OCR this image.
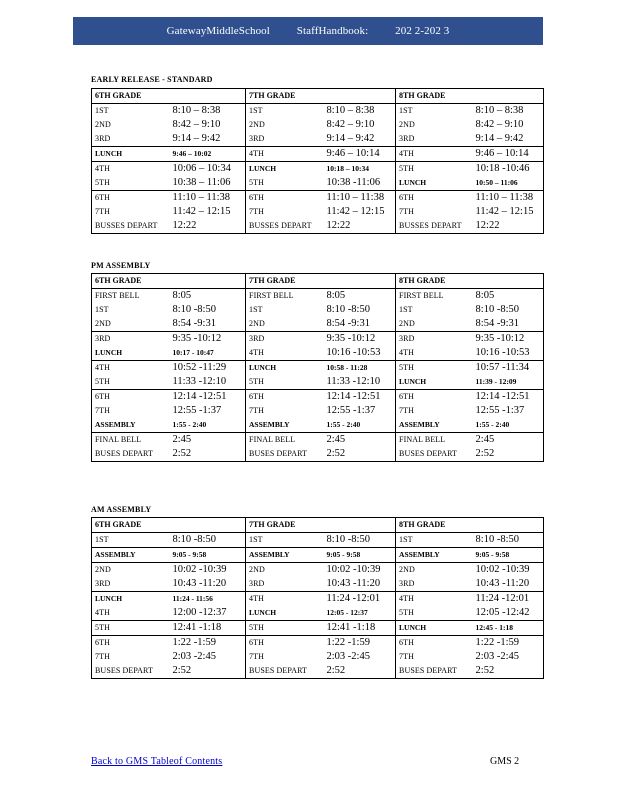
GatewayMiddleSchool StaffHandbook: 202 2-202 3
EARLY RELEASE - STANDARD
6TH GRADE		7TH GRADE		8TH GRADE	
1ST	8:10 – 8:38	1ST	8:10 – 8:38	1ST	8:10 – 8:38
2ND	8:42 – 9:10	2ND	8:42 – 9:10	2ND	8:42 – 9:10
3RD	9:14 – 9:42	3RD	9:14 – 9:42	3RD	9:14 – 9:42
LUNCH	9:46 – 10:02	4TH	9:46 – 10:14	4TH	9:46 – 10:14
4TH	10:06 – 10:34	LUNCH	10:18 – 10:34	5TH	10:18 -10:46
5TH	10:38 – 11:06	5TH	10:38 -11:06	LUNCH	10:50 – 11:06
6TH	11:10 – 11:38	6TH	11:10 – 11:38	6TH	11:10 – 11:38
7TH	11:42 – 12:15	7TH	11:42 – 12:15	7TH	11:42 – 12:15
BUSSES DEPART	12:22	BUSSES DEPART	12:22	BUSSES DEPART	12:22
PM ASSEMBLY
6TH GRADE		7TH GRADE		8TH GRADE	
FIRST BELL	8:05	FIRST BELL	8:05	FIRST BELL	8:05
1ST	8:10 -8:50	1ST	8:10 -8:50	1ST	8:10 -8:50
2ND	8:54 -9:31	2ND	8:54 -9:31	2ND	8:54 -9:31
3RD	9:35 -10:12	3RD	9:35 -10:12	3RD	9:35 -10:12
LUNCH	10:17 - 10:47	4TH	10:16 -10:53	4TH	10:16 -10:53
4TH	10:52 -11:29	LUNCH	10:58 - 11:28	5TH	10:57 -11:34
5TH	11:33 -12:10	5TH	11:33 -12:10	LUNCH	11:39 - 12:09
6TH	12:14 -12:51	6TH	12:14 -12:51	6TH	12:14 -12:51
7TH	12:55 -1:37	7TH	12:55 -1:37	7TH	12:55 -1:37
ASSEMBLY	1:55 - 2:40	ASSEMBLY	1:55 - 2:40	ASSEMBLY	1:55 - 2:40
FINAL BELL	2:45	FINAL BELL	2:45	FINAL BELL	2:45
BUSES DEPART	2:52	BUSES DEPART	2:52	BUSES DEPART	2:52
AM ASSEMBLY
6TH GRADE		7TH GRADE		8TH GRADE	
1ST	8:10 -8:50	1ST	8:10 -8:50	1ST	8:10 -8:50
ASSEMBLY	9:05 - 9:58	ASSEMBLY	9:05 - 9:58	ASSEMBLY	9:05 - 9:58
2ND	10:02 -10:39	2ND	10:02 -10:39	2ND	10:02 -10:39
3RD	10:43 -11:20	3RD	10:43 -11:20	3RD	10:43 -11:20
LUNCH	11:24 - 11:56	4TH	11:24 -12:01	4TH	11:24 -12:01
4TH	12:00 -12:37	LUNCH	12:05 - 12:37	5TH	12:05 -12:42
5TH	12:41 -1:18	5TH	12:41 -1:18	LUNCH	12:45 - 1:18
6TH	1:22 -1:59	6TH	1:22 -1:59	6TH	1:22 -1:59
7TH	2:03 -2:45	7TH	2:03 -2:45	7TH	2:03 -2:45
BUSES DEPART	2:52	BUSES DEPART	2:52	BUSES DEPART	2:52
Back to GMS Tableof Contents	GMS 2
